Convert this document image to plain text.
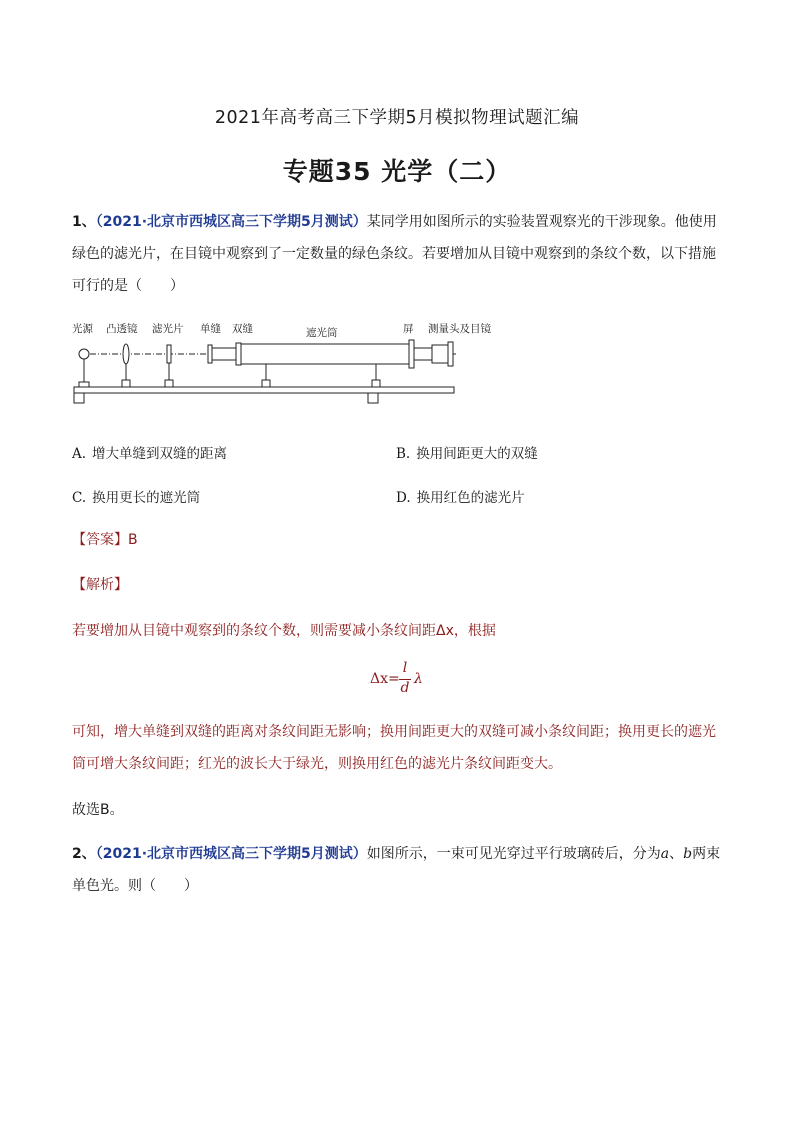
2021年高考高三下学期5月模拟物理试题汇编
专题35 光学（二）
1、（2021·北京市西城区高三下学期5月测试）某同学用如图所示的实验装置观察光的干涉现象。他使用
绿色的滤光片，在目镜中观察到了一定数量的绿色条纹。若要增加从目镜中观察到的条纹个数，以下措施
可行的是（　　）
光源 凸透镜 滤光片 单缝 双缝	遮光筒	屏 测量头及目镜
A. 增大单缝到双缝的距离	B. 换用间距更大的双缝
C. 换用更长的遮光筒	D. 换用红色的滤光片
【答案】B
【解析】
若要增加从目镜中观察到的条纹个数，则需要减小条纹间距Δx，根据
Δx=
l
d
λ
可知，增大单缝到双缝的距离对条纹间距无影响；换用间距更大的双缝可减小条纹间距；换用更长的遮光
筒可增大条纹间距；红光的波长大于绿光，则换用红色的滤光片条纹间距变大。
故选B。
2、（2021·北京市西城区高三下学期5月测试）如图所示，一束可见光穿过平行玻璃砖后，分为a、b两束
单色光。则（　　）
